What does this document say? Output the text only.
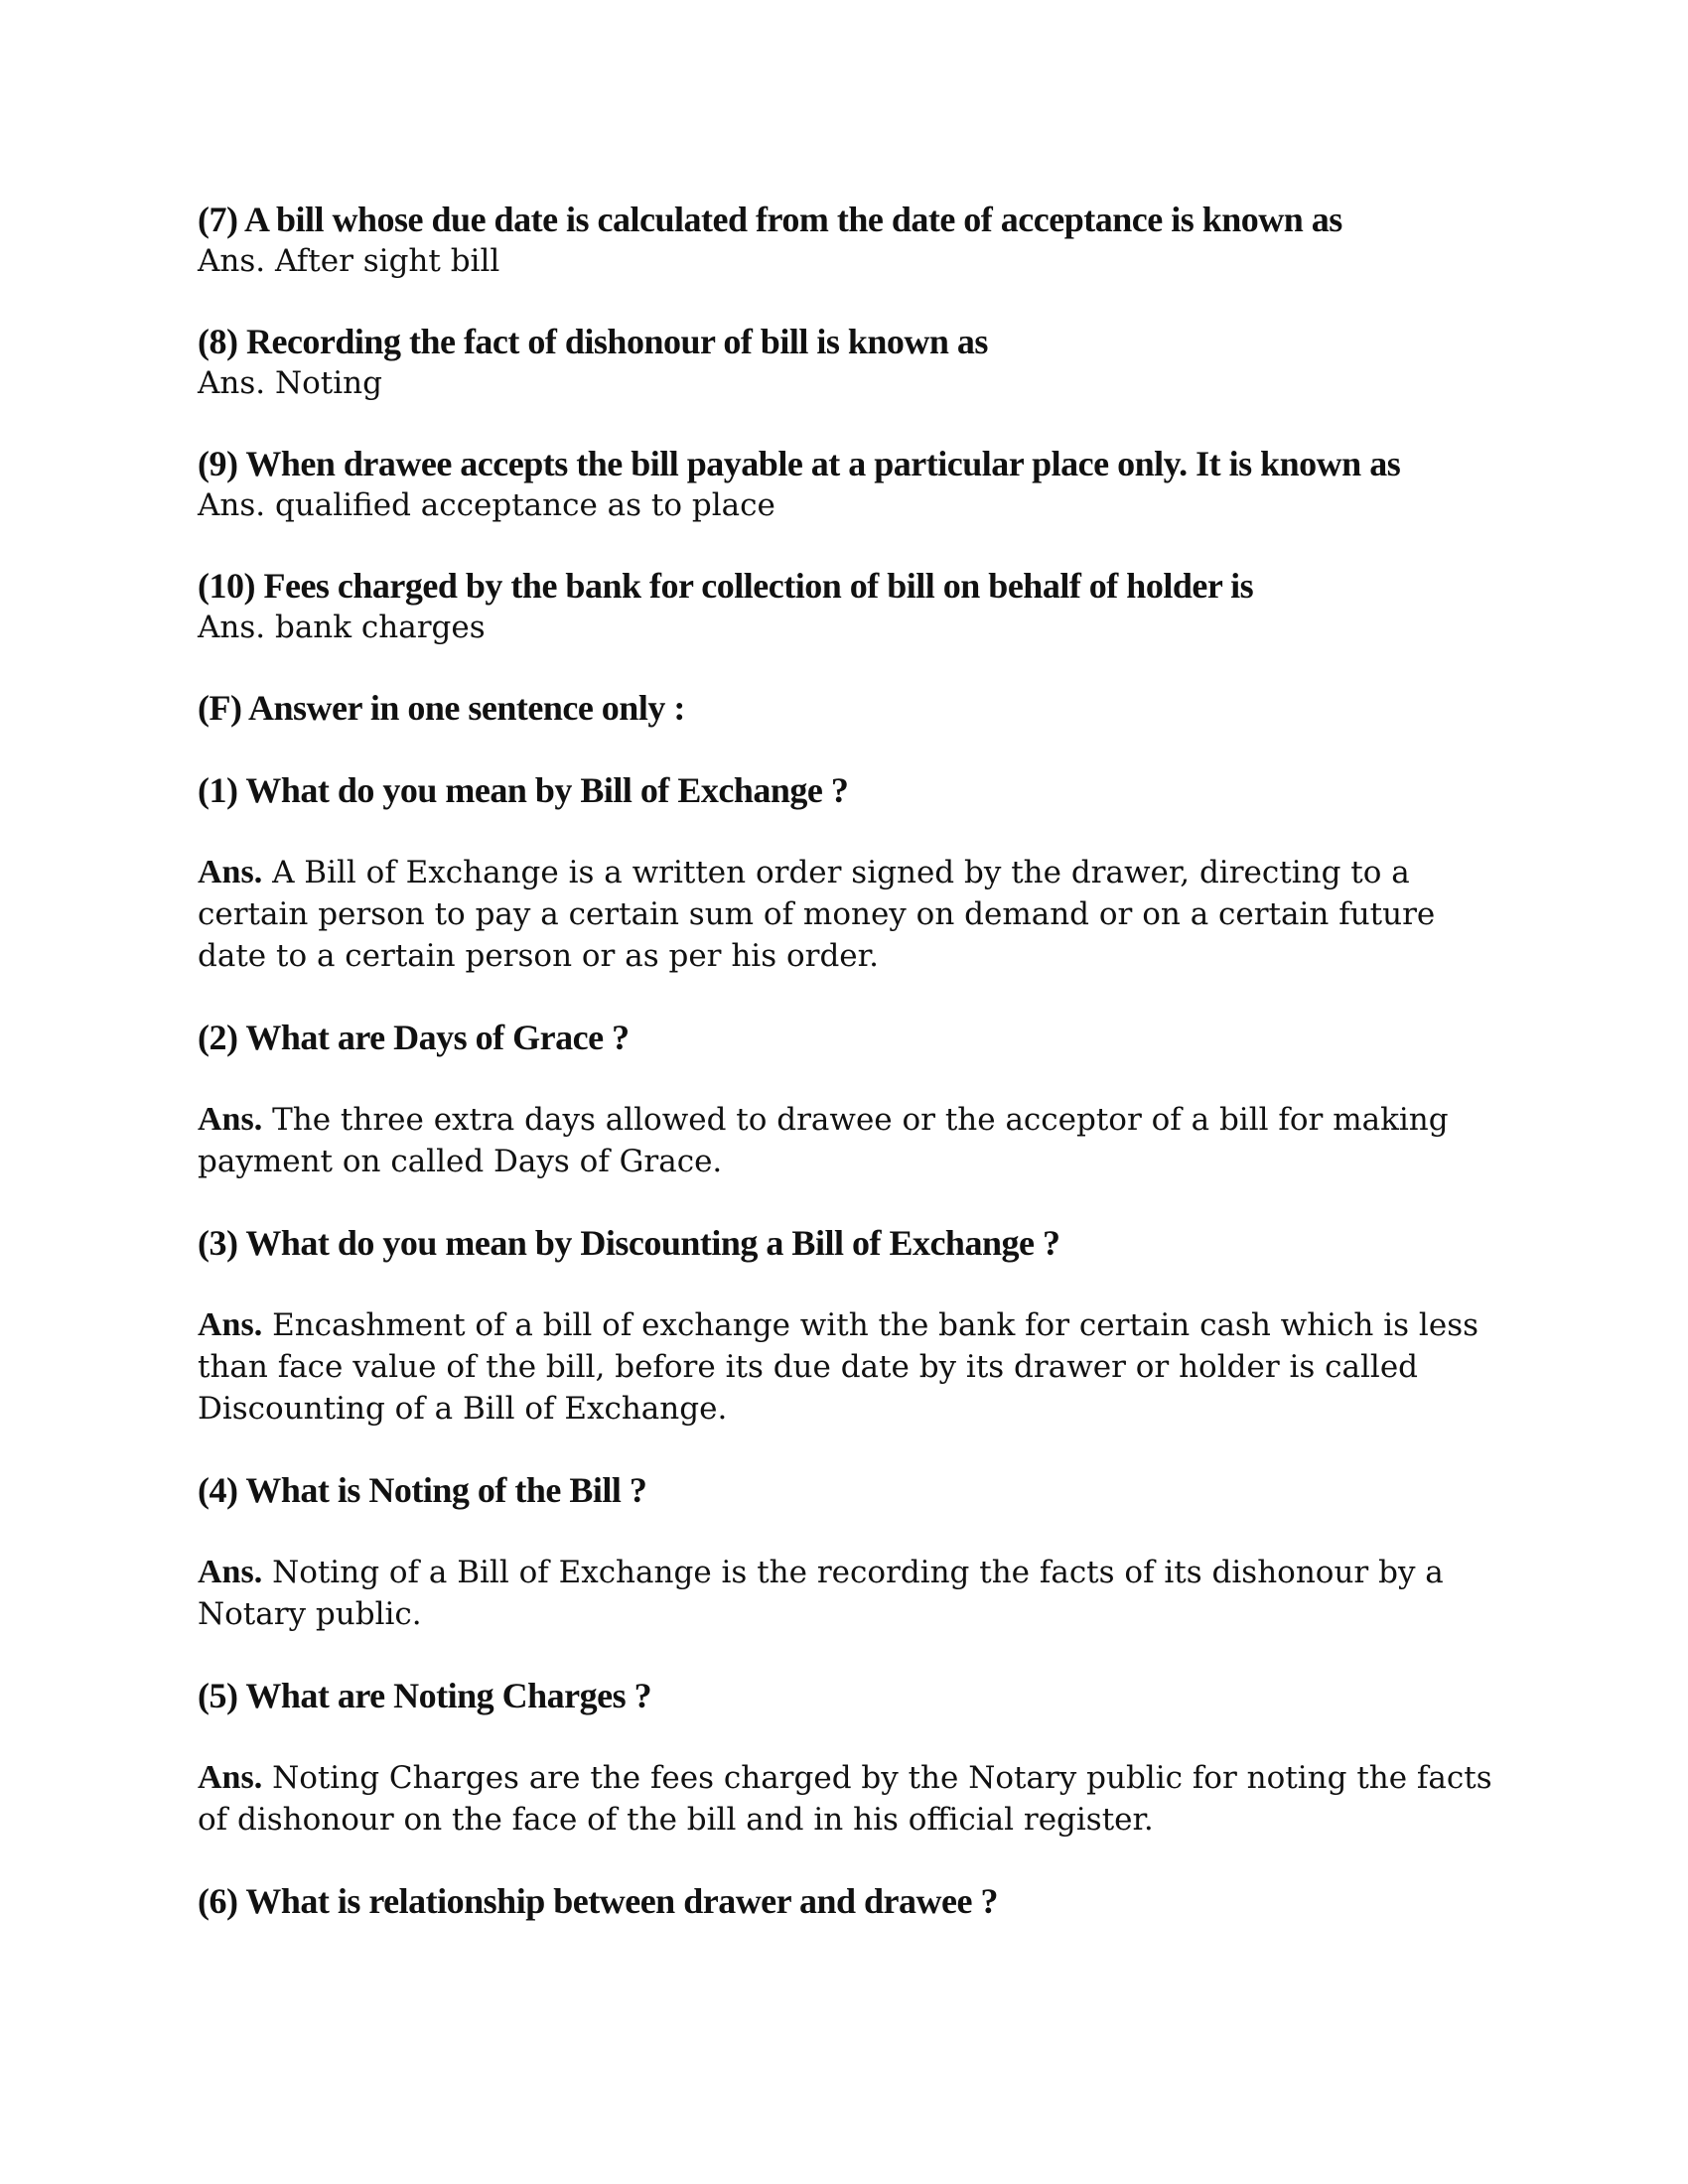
(7) A bill whose due date is calculated from the date of acceptance is known as

Ans. After sight bill

(8) Recording the fact of dishonour of bill is known as

Ans. Noting

(9) When drawee accepts the bill payable at a particular place only. It is known as

Ans. qualified acceptance as to place

(10) Fees charged by the bank for collection of bill on behalf of holder is

Ans. bank charges

(F) Answer in one sentence only :

(1) What do you mean by Bill of Exchange ?

Ans. A Bill of Exchange is a written order signed by the drawer, directing to a certain person to pay a certain sum of money on demand or on a certain future date to a certain person or as per his order.

(2) What are Days of Grace ?

Ans. The three extra days allowed to drawee or the acceptor of a bill for making payment on called Days of Grace.

(3) What do you mean by Discounting a Bill of Exchange ?

Ans. Encashment of a bill of exchange with the bank for certain cash which is less than face value of the bill, before its due date by its drawer or holder is called Discounting of a Bill of Exchange.

(4) What is Noting of the Bill ?

Ans. Noting of a Bill of Exchange is the recording the facts of its dishonour by a Notary public.

(5) What are Noting Charges ?

Ans. Noting Charges are the fees charged by the Notary public for noting the facts of dishonour on the face of the bill and in his official register.

(6) What is relationship between drawer and drawee ?
